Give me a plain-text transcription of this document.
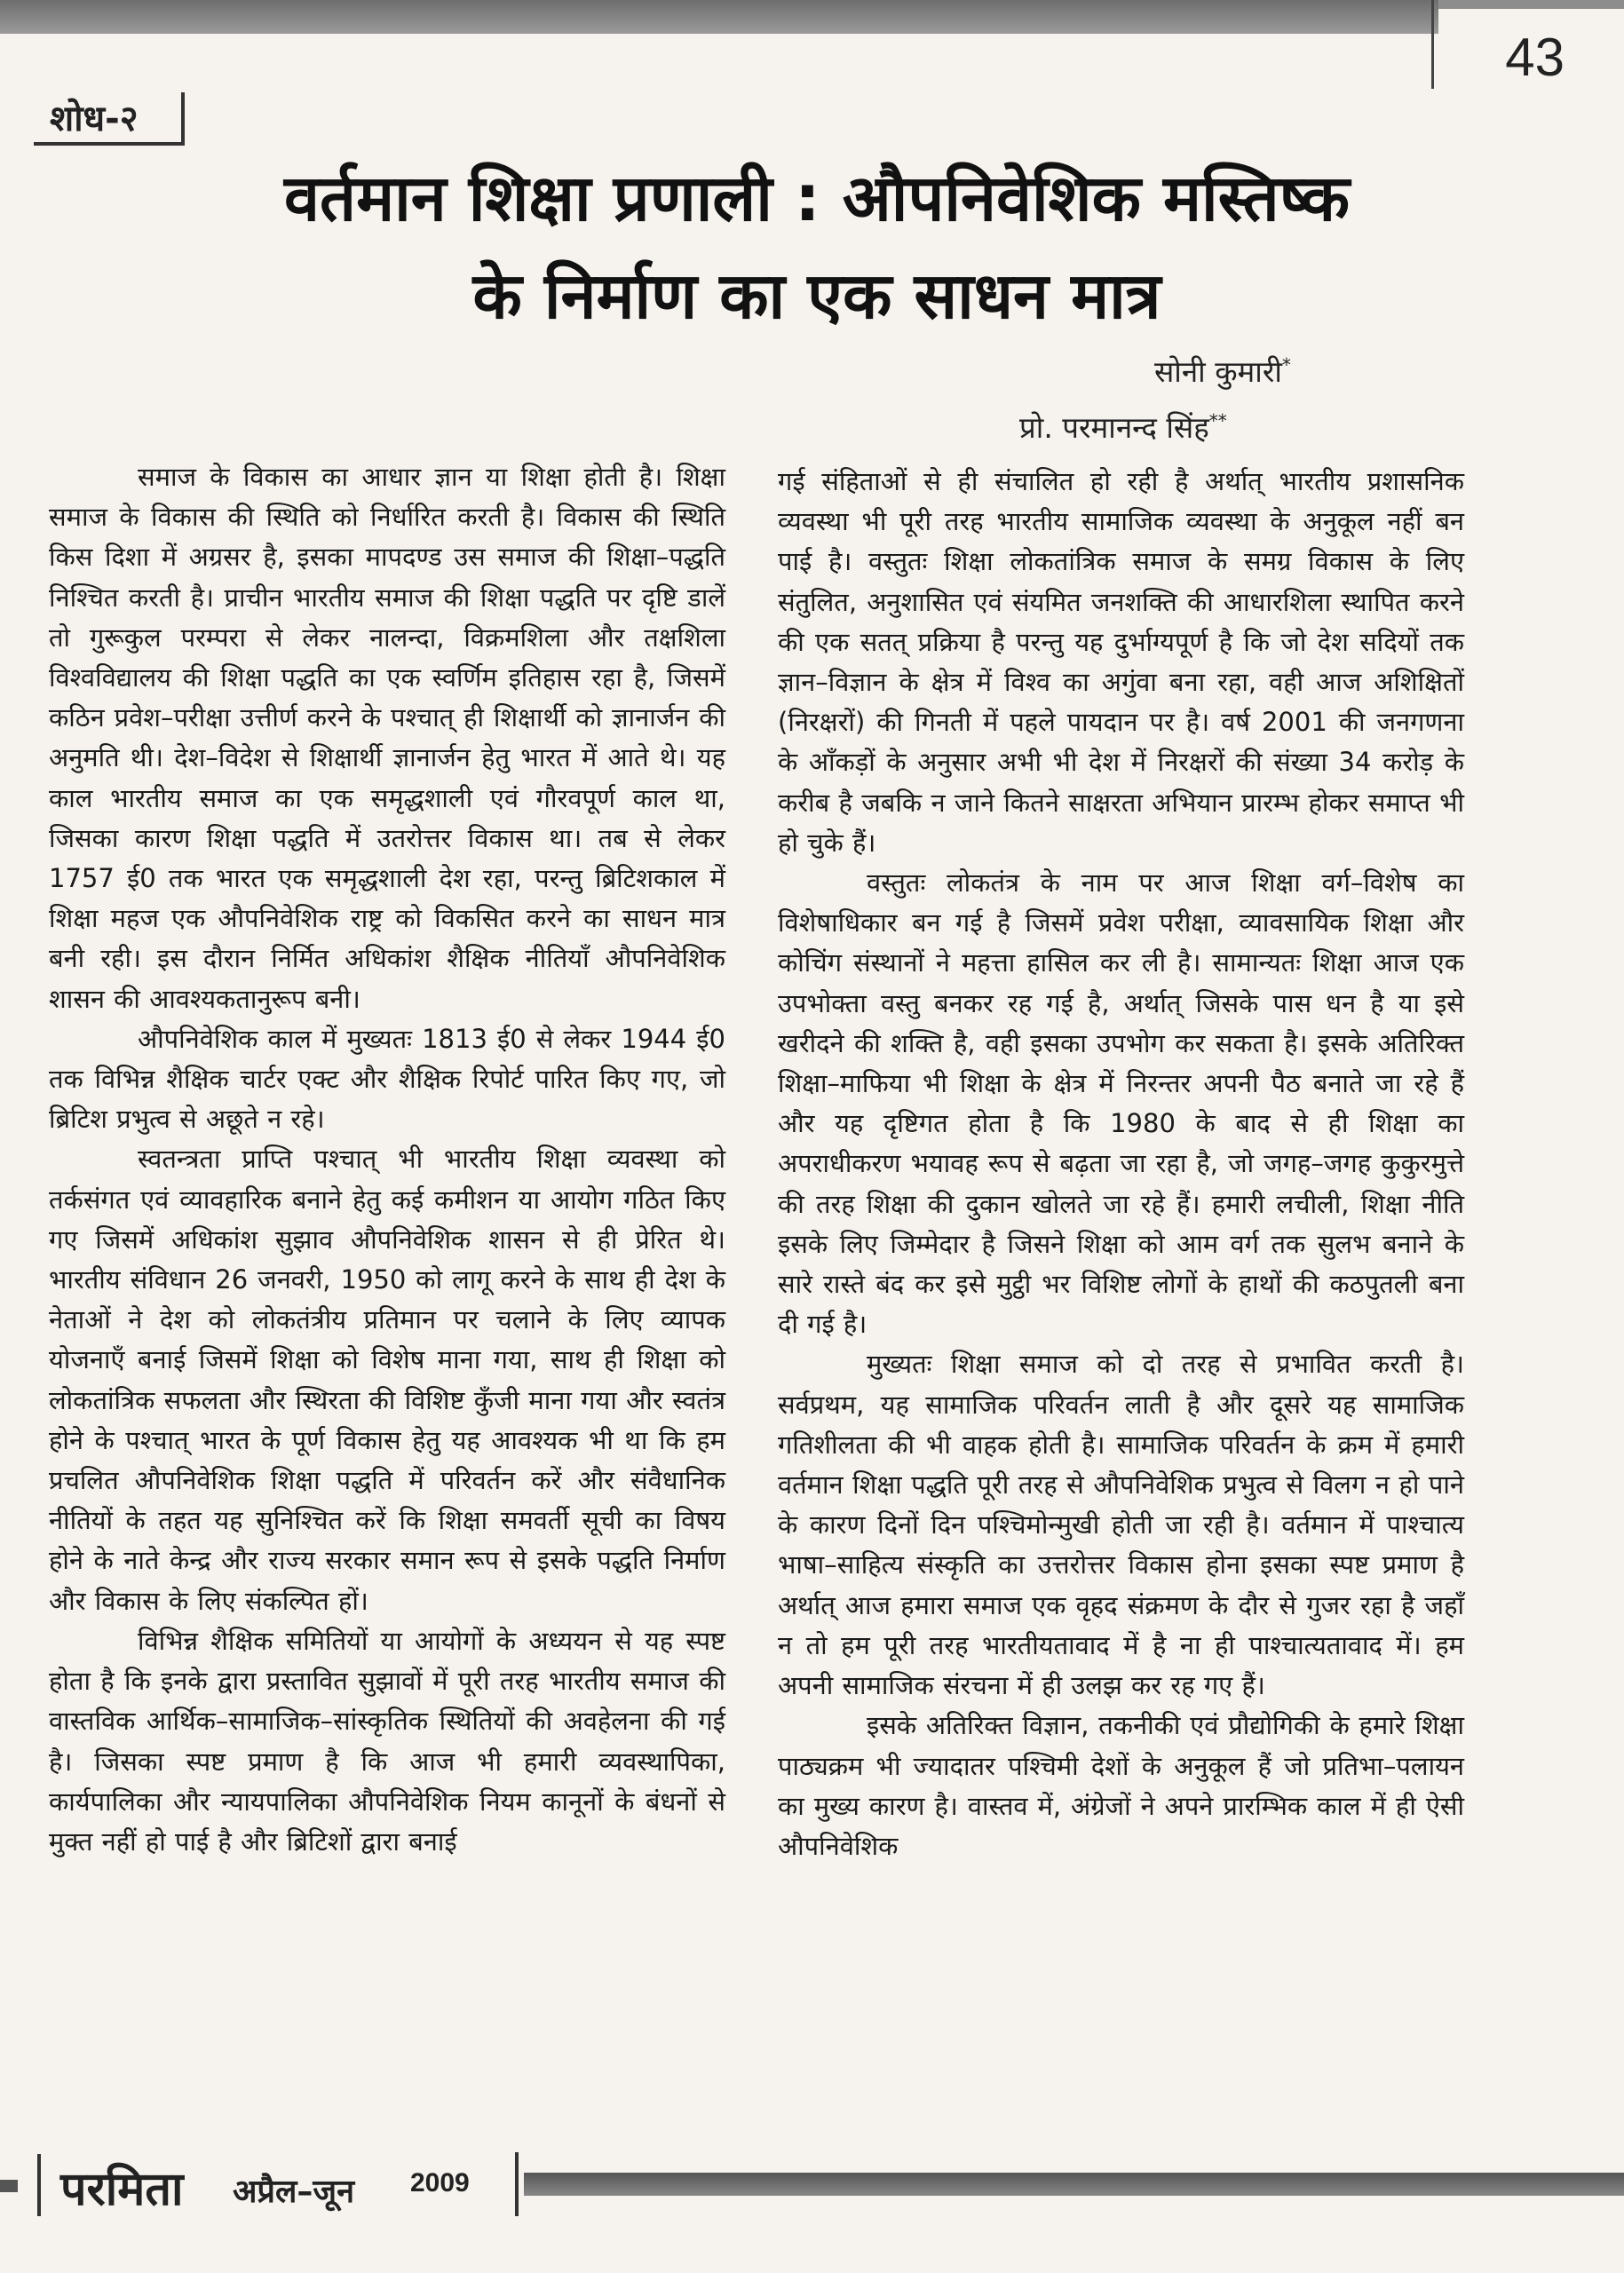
43
शोध-२
वर्तमान शिक्षा प्रणाली : औपनिवेशिक मस्तिष्क
के निर्माण का एक साधन मात्र
सोनी कुमारी*
प्रो. परमानन्द सिंह**

समाज के विकास का आधार ज्ञान या शिक्षा होती है। शिक्षा समाज के विकास की स्थिति को निर्धारित करती है। विकास की स्थिति किस दिशा में अग्रसर है, इसका मापदण्ड उस समाज की शिक्षा–पद्धति निश्चित करती है। प्राचीन भारतीय समाज की शिक्षा पद्धति पर दृष्टि डालें तो गुरूकुल परम्परा से लेकर नालन्दा, विक्रमशिला और तक्षशिला विश्वविद्यालय की शिक्षा पद्धति का एक स्वर्णिम इतिहास रहा है, जिसमें कठिन प्रवेश–परीक्षा उत्तीर्ण करने के पश्चात् ही शिक्षार्थी को ज्ञानार्जन की अनुमति थी। देश–विदेश से शिक्षार्थी ज्ञानार्जन हेतु भारत में आते थे। यह काल भारतीय समाज का एक समृद्धशाली एवं गौरवपूर्ण काल था, जिसका कारण शिक्षा पद्धति में उतरोत्तर विकास था। तब से लेकर 1757 ई0 तक भारत एक समृद्धशाली देश रहा, परन्तु ब्रिटिशकाल में शिक्षा महज एक औपनिवेशिक राष्ट्र को विकसित करने का साधन मात्र बनी रही। इस दौरान निर्मित अधिकांश शैक्षिक नीतियाँ औपनिवेशिक शासन की आवश्यकतानुरूप बनी।

औपनिवेशिक काल में मुख्यतः 1813 ई0 से लेकर 1944 ई0 तक विभिन्न शैक्षिक चार्टर एक्ट और शैक्षिक रिपोर्ट पारित किए गए, जो ब्रिटिश प्रभुत्व से अछूते न रहे।

स्वतन्त्रता प्राप्ति पश्चात् भी भारतीय शिक्षा व्यवस्था को तर्कसंगत एवं व्यावहारिक बनाने हेतु कई कमीशन या आयोग गठित किए गए जिसमें अधिकांश सुझाव औपनिवेशिक शासन से ही प्रेरित थे। भारतीय संविधान 26 जनवरी, 1950 को लागू करने के साथ ही देश के नेताओं ने देश को लोकतंत्रीय प्रतिमान पर चलाने के लिए व्यापक योजनाएँ बनाई जिसमें शिक्षा को विशेष माना गया, साथ ही शिक्षा को लोकतांत्रिक सफलता और स्थिरता की विशिष्ट कुँजी माना गया और स्वतंत्र होने के पश्चात् भारत के पूर्ण विकास हेतु यह आवश्यक भी था कि हम प्रचलित औपनिवेशिक शिक्षा पद्धति में परिवर्तन करें और संवैधानिक नीतियों के तहत यह सुनिश्चित करें कि शिक्षा समवर्ती सूची का विषय होने के नाते केन्द्र और राज्य सरकार समान रूप से इसके पद्धति निर्माण और विकास के लिए संकल्पित हों।

विभिन्न शैक्षिक समितियों या आयोगों के अध्ययन से यह स्पष्ट होता है कि इनके द्वारा प्रस्तावित सुझावों में पूरी तरह भारतीय समाज की वास्तविक आर्थिक–सामाजिक–सांस्कृतिक स्थितियों की अवहेलना की गई है। जिसका स्पष्ट प्रमाण है कि आज भी हमारी व्यवस्थापिका, कार्यपालिका और न्यायपालिका औपनिवेशिक नियम कानूनों के बंधनों से मुक्त नहीं हो पाई है और ब्रिटिशों द्वारा बनाई

गई संहिताओं से ही संचालित हो रही है अर्थात् भारतीय प्रशासनिक व्यवस्था भी पूरी तरह भारतीय सामाजिक व्यवस्था के अनुकूल नहीं बन पाई है। वस्तुतः शिक्षा लोकतांत्रिक समाज के समग्र विकास के लिए संतुलित, अनुशासित एवं संयमित जनशक्ति की आधारशिला स्थापित करने की एक सतत् प्रक्रिया है परन्तु यह दुर्भाग्यपूर्ण है कि जो देश सदियों तक ज्ञान–विज्ञान के क्षेत्र में विश्व का अगुंवा बना रहा, वही आज अशिक्षितों (निरक्षरों) की गिनती में पहले पायदान पर है। वर्ष 2001 की जनगणना के आँकड़ों के अनुसार अभी भी देश में निरक्षरों की संख्या 34 करोड़ के करीब है जबकि न जाने कितने साक्षरता अभियान प्रारम्भ होकर समाप्त भी हो चुके हैं।

वस्तुतः लोकतंत्र के नाम पर आज शिक्षा वर्ग–विशेष का विशेषाधिकार बन गई है जिसमें प्रवेश परीक्षा, व्यावसायिक शिक्षा और कोचिंग संस्थानों ने महत्ता हासिल कर ली है। सामान्यतः शिक्षा आज एक उपभोक्ता वस्तु बनकर रह गई है, अर्थात् जिसके पास धन है या इसे खरीदने की शक्ति है, वही इसका उपभोग कर सकता है। इसके अतिरिक्त शिक्षा–माफिया भी शिक्षा के क्षेत्र में निरन्तर अपनी पैठ बनाते जा रहे हैं और यह दृष्टिगत होता है कि 1980 के बाद से ही शिक्षा का अपराधीकरण भयावह रूप से बढ़ता जा रहा है, जो जगह–जगह कुकुरमुत्ते की तरह शिक्षा की दुकान खोलते जा रहे हैं। हमारी लचीली, शिक्षा नीति इसके लिए जिम्मेदार है जिसने शिक्षा को आम वर्ग तक सुलभ बनाने के सारे रास्ते बंद कर इसे मुट्ठी भर विशिष्ट लोगों के हाथों की कठपुतली बना दी गई है।

मुख्यतः शिक्षा समाज को दो तरह से प्रभावित करती है। सर्वप्रथम, यह सामाजिक परिवर्तन लाती है और दूसरे यह सामाजिक गतिशीलता की भी वाहक होती है। सामाजिक परिवर्तन के क्रम में हमारी वर्तमान शिक्षा पद्धति पूरी तरह से औपनिवेशिक प्रभुत्व से विलग न हो पाने के कारण दिनों दिन पश्चिमोन्मुखी होती जा रही है। वर्तमान में पाश्चात्य भाषा–साहित्य संस्कृति का उत्तरोत्तर विकास होना इसका स्पष्ट प्रमाण है अर्थात् आज हमारा समाज एक वृहद संक्रमण के दौर से गुजर रहा है जहाँ न तो हम पूरी तरह भारतीयतावाद में है ना ही पाश्चात्यतावाद में। हम अपनी सामाजिक संरचना में ही उलझ कर रह गए हैं।

इसके अतिरिक्त विज्ञान, तकनीकी एवं प्रौद्योगिकी के हमारे शिक्षा पाठ्यक्रम भी ज्यादातर पश्चिमी देशों के अनुकूल हैं जो प्रतिभा–पलायन का मुख्य कारण है। वास्तव में, अंग्रेजों ने अपने प्रारम्भिक काल में ही ऐसी औपनिवेशिक

परमिता अप्रैल–जून 2009
